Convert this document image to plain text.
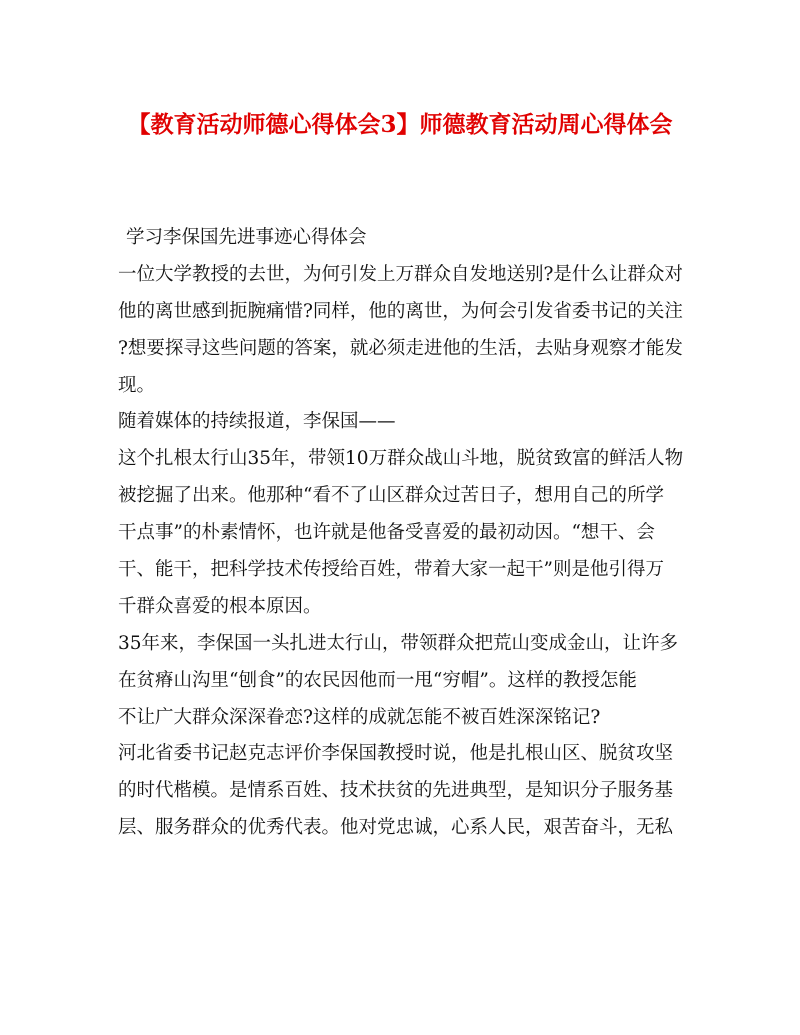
【教育活动师德心得体会3】师德教育活动周心得体会
学习李保国先进事迹心得体会
一位大学教授的去世，为何引发上万群众自发地送别?是什么让群众对
他的离世感到扼腕痛惜?同样，他的离世，为何会引发省委书记的关注
?想要探寻这些问题的答案，就必须走进他的生活，去贴身观察才能发
现。
随着媒体的持续报道，李保国——
这个扎根太行山35年，带领10万群众战山斗地，脱贫致富的鲜活人物
被挖掘了出来。他那种“看不了山区群众过苦日子，想用自己的所学
干点事”的朴素情怀，也许就是他备受喜爱的最初动因。“想干、会
干、能干，把科学技术传授给百姓，带着大家一起干”则是他引得万
千群众喜爱的根本原因。
35年来，李保国一头扎进太行山，带领群众把荒山变成金山，让许多
在贫瘠山沟里“刨食”的农民因他而一甩“穷帽”。这样的教授怎能
不让广大群众深深眷恋?这样的成就怎能不被百姓深深铭记?
河北省委书记赵克志评价李保国教授时说，他是扎根山区、脱贫攻坚
的时代楷模。是情系百姓、技术扶贫的先进典型，是知识分子服务基
层、服务群众的优秀代表。他对党忠诚，心系人民，艰苦奋斗，无私
